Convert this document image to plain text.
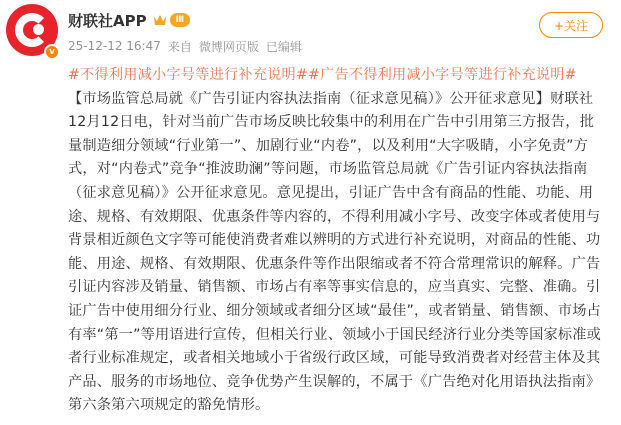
v
财联社APP	Ⅲ
25-12-12 16:47 来自 微博网页版 已编辑
+关注
#不得利用减小字号等进行补充说明##广告不得利用减小字号等进行补充说明#
【市场监管总局就《广告引证内容执法指南（征求意见稿）》公开征求意见】财联社12月12日电，针对当前广告市场反映比较集中的利用在广告中引用第三方报告，批量制造细分领域“行业第一”、加剧行业“内卷”，以及利用“大字吸睛，小字免责”方式，对“内卷式”竞争“推波助澜”等问题，市场监管总局就《广告引证内容执法指南（征求意见稿）》公开征求意见。意见提出，引证广告中含有商品的性能、功能、用途、规格、有效期限、优惠条件等内容的，不得利用减小字号、改变字体或者使用与背景相近颜色文字等可能使消费者难以辨明的方式进行补充说明，对商品的性能、功能、用途、规格、有效期限、优惠条件等作出限缩或者不符合常理常识的解释。广告引证内容涉及销量、销售额、市场占有率等事实信息的，应当真实、完整、准确。引证广告中使用细分行业、细分领域或者细分区域“最佳”，或者销量、销售额、市场占有率“第一”等用语进行宣传，但相关行业、领域小于国民经济行业分类等国家标准或者行业标准规定，或者相关地域小于省级行政区域，可能导致消费者对经营主体及其产品、服务的市场地位、竞争优势产生误解的，不属于《广告绝对化用语执法指南》第六条第六项规定的豁免情形。
